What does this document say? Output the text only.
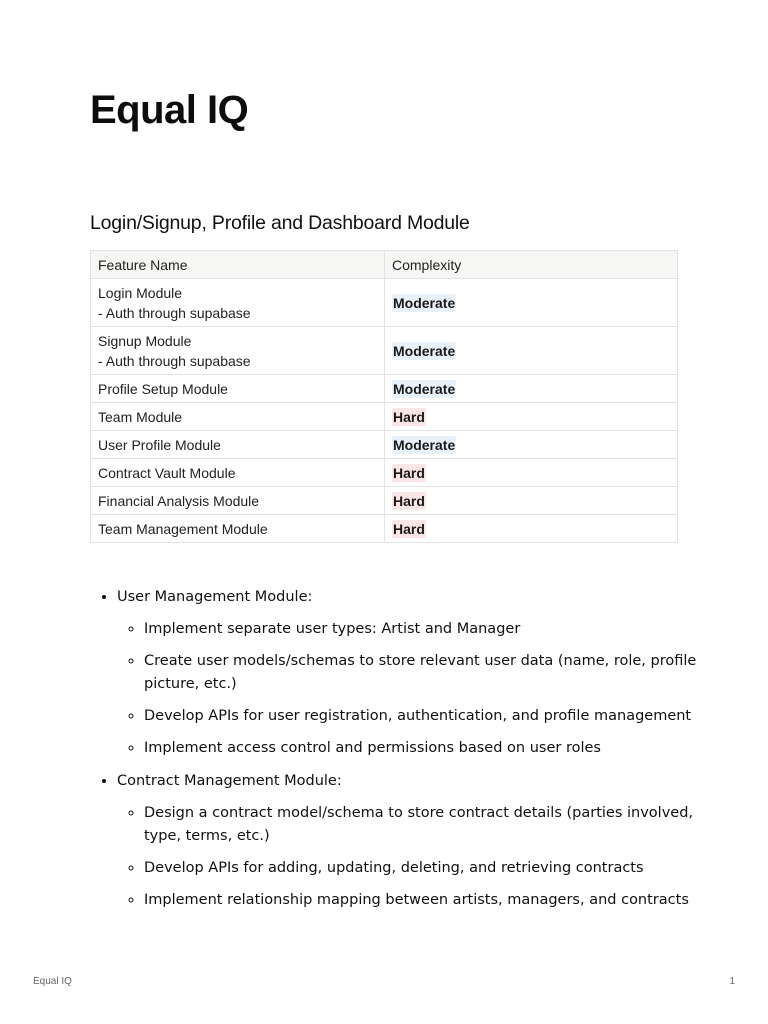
Equal IQ
Login/Signup, Profile and Dashboard Module
Feature Name	Complexity

Login Module
- Auth through supabase	Moderate

Signup Module
- Auth through supabase	Moderate
Profile Setup Module	Moderate
Team Module	Hard
User Profile Module	Moderate
Contract Vault Module	Hard
Financial Analysis Module	Hard
Team Management Module	Hard
• User Management Module:
◦ Implement separate user types: Artist and Manager
◦ Create user models/schemas to store relevant user data (name, role, profile picture, etc.)
◦ Develop APIs for user registration, authentication, and profile management
◦ Implement access control and permissions based on user roles
• Contract Management Module:
◦ Design a contract model/schema to store contract details (parties involved, type, terms, etc.)
◦ Develop APIs for adding, updating, deleting, and retrieving contracts
◦ Implement relationship mapping between artists, managers, and contracts
Equal IQ	1
